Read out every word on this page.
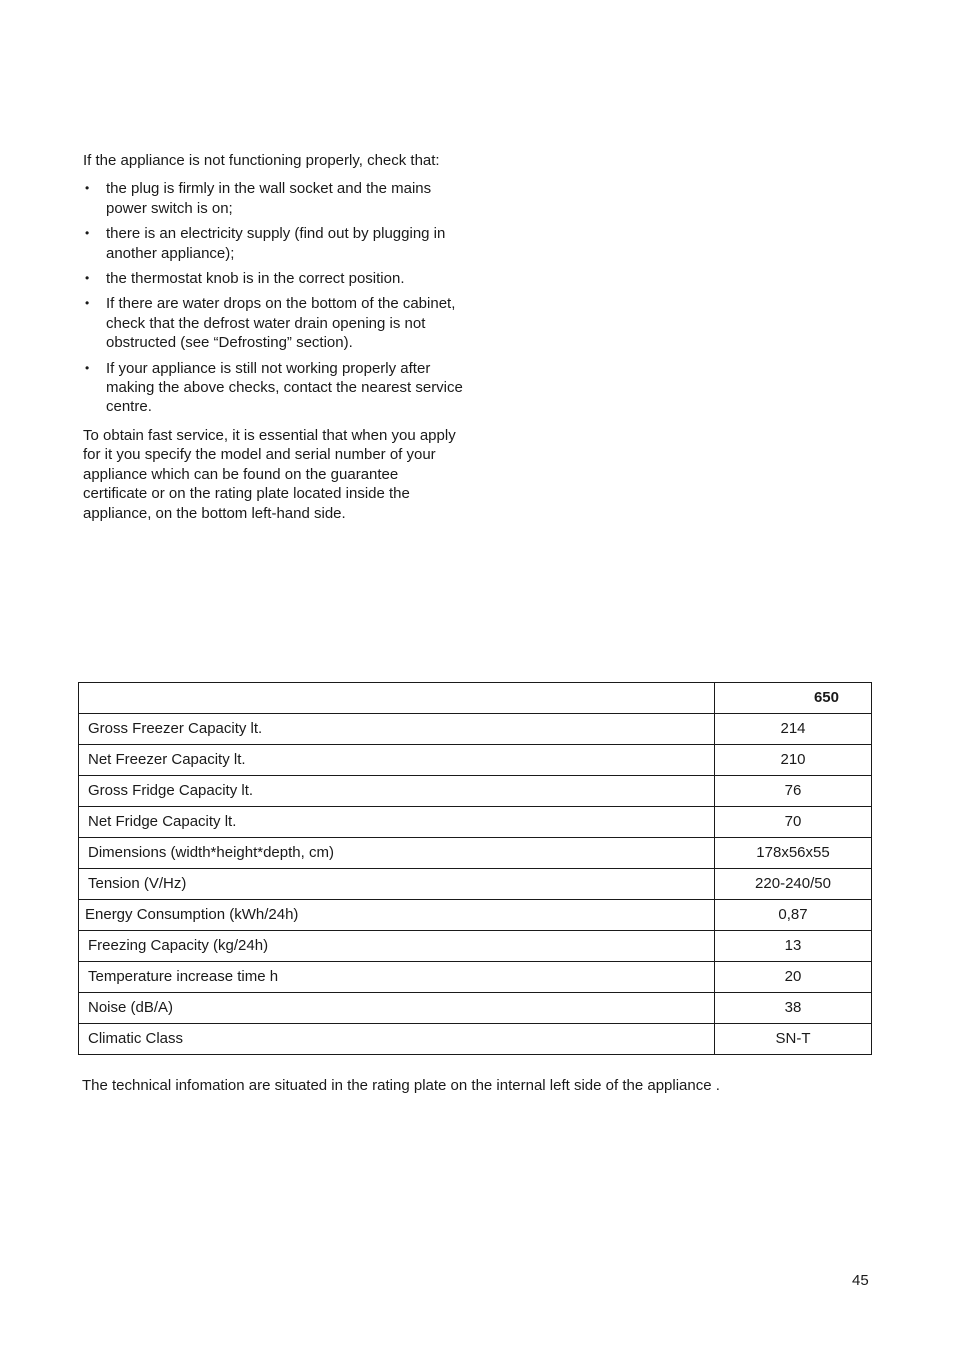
If the appliance is not functioning properly, check that:

• the plug is firmly in the wall socket and the mains power switch is on;
• there is an electricity supply (find out by plugging in another appliance);
• the thermostat knob is in the correct position.
• If there are water drops on the bottom of the cabinet, check that the defrost water drain opening is not obstructed (see “Defrosting” section).
• If your appliance is still not working properly after making the above checks, contact the nearest service centre.

To obtain fast service, it is essential that when you apply for it you specify the model and serial number of your appliance which can be found on the guarantee certificate or on the rating plate located inside the appliance, on the bottom left-hand side.

	650
Gross Freezer Capacity lt.	214
Net Freezer Capacity lt.	210
Gross Fridge Capacity lt.	76
Net Fridge Capacity lt.	70
Dimensions (width*height*depth, cm)	178x56x55
Tension (V/Hz)	220-240/50
Energy Consumption (kWh/24h)	0,87
Freezing Capacity (kg/24h)	13
Temperature increase time h	20
Noise (dB/A)	38
Climatic Class	SN-T

The technical infomation are situated in the rating plate on the internal left side of the appliance .

45
